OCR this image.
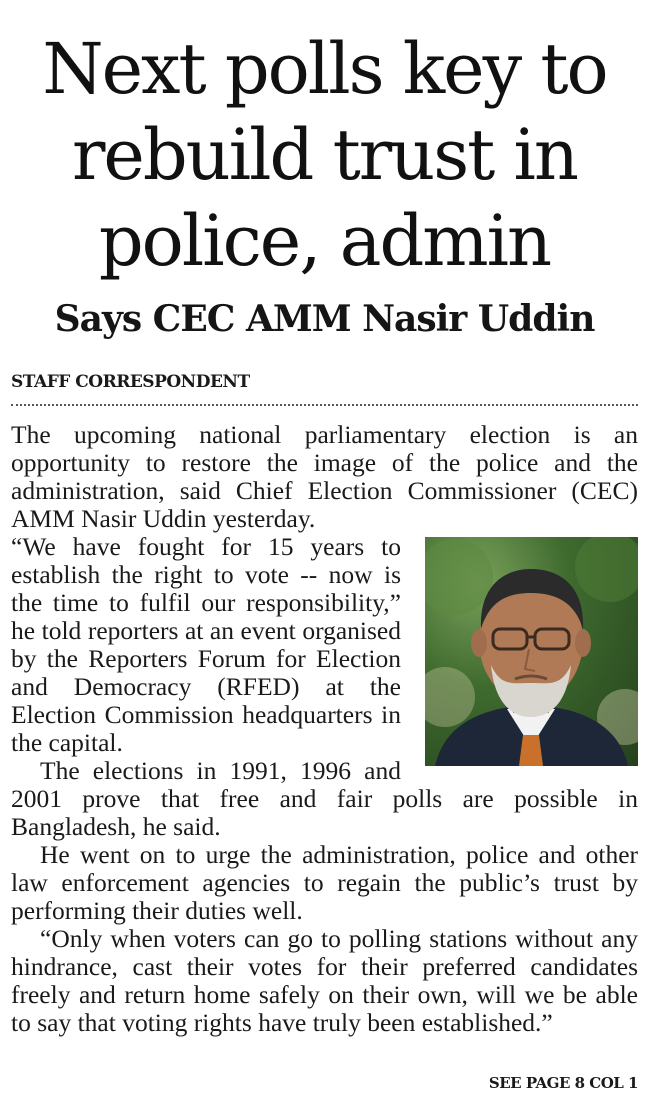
Next polls key to
rebuild trust in
police, admin
Says CEC AMM Nasir Uddin
STAFF CORRESPONDENT

The upcoming national parliamentary election is an opportunity to restore the image of the police and the administration, said Chief Election Commissioner (CEC) AMM Nasir Uddin yesterday.

“We have fought for 15 years to establish the right to vote -- now is the time to fulfil our responsibility,” he told reporters at an event organised by the Reporters Forum for Election and Democracy (RFED) at the Election Commission headquarters in the capital.

The elections in 1991, 1996 and 2001 prove that free and fair polls are possible in Bangladesh, he said.

He went on to urge the administration, police and other law enforcement agencies to regain the public’s trust by performing their duties well.

“Only when voters can go to polling stations without any hindrance, cast their votes for their preferred candidates freely and return home safely on their own, will we be able to say that voting rights have truly been established.”

SEE PAGE 8 COL 1
